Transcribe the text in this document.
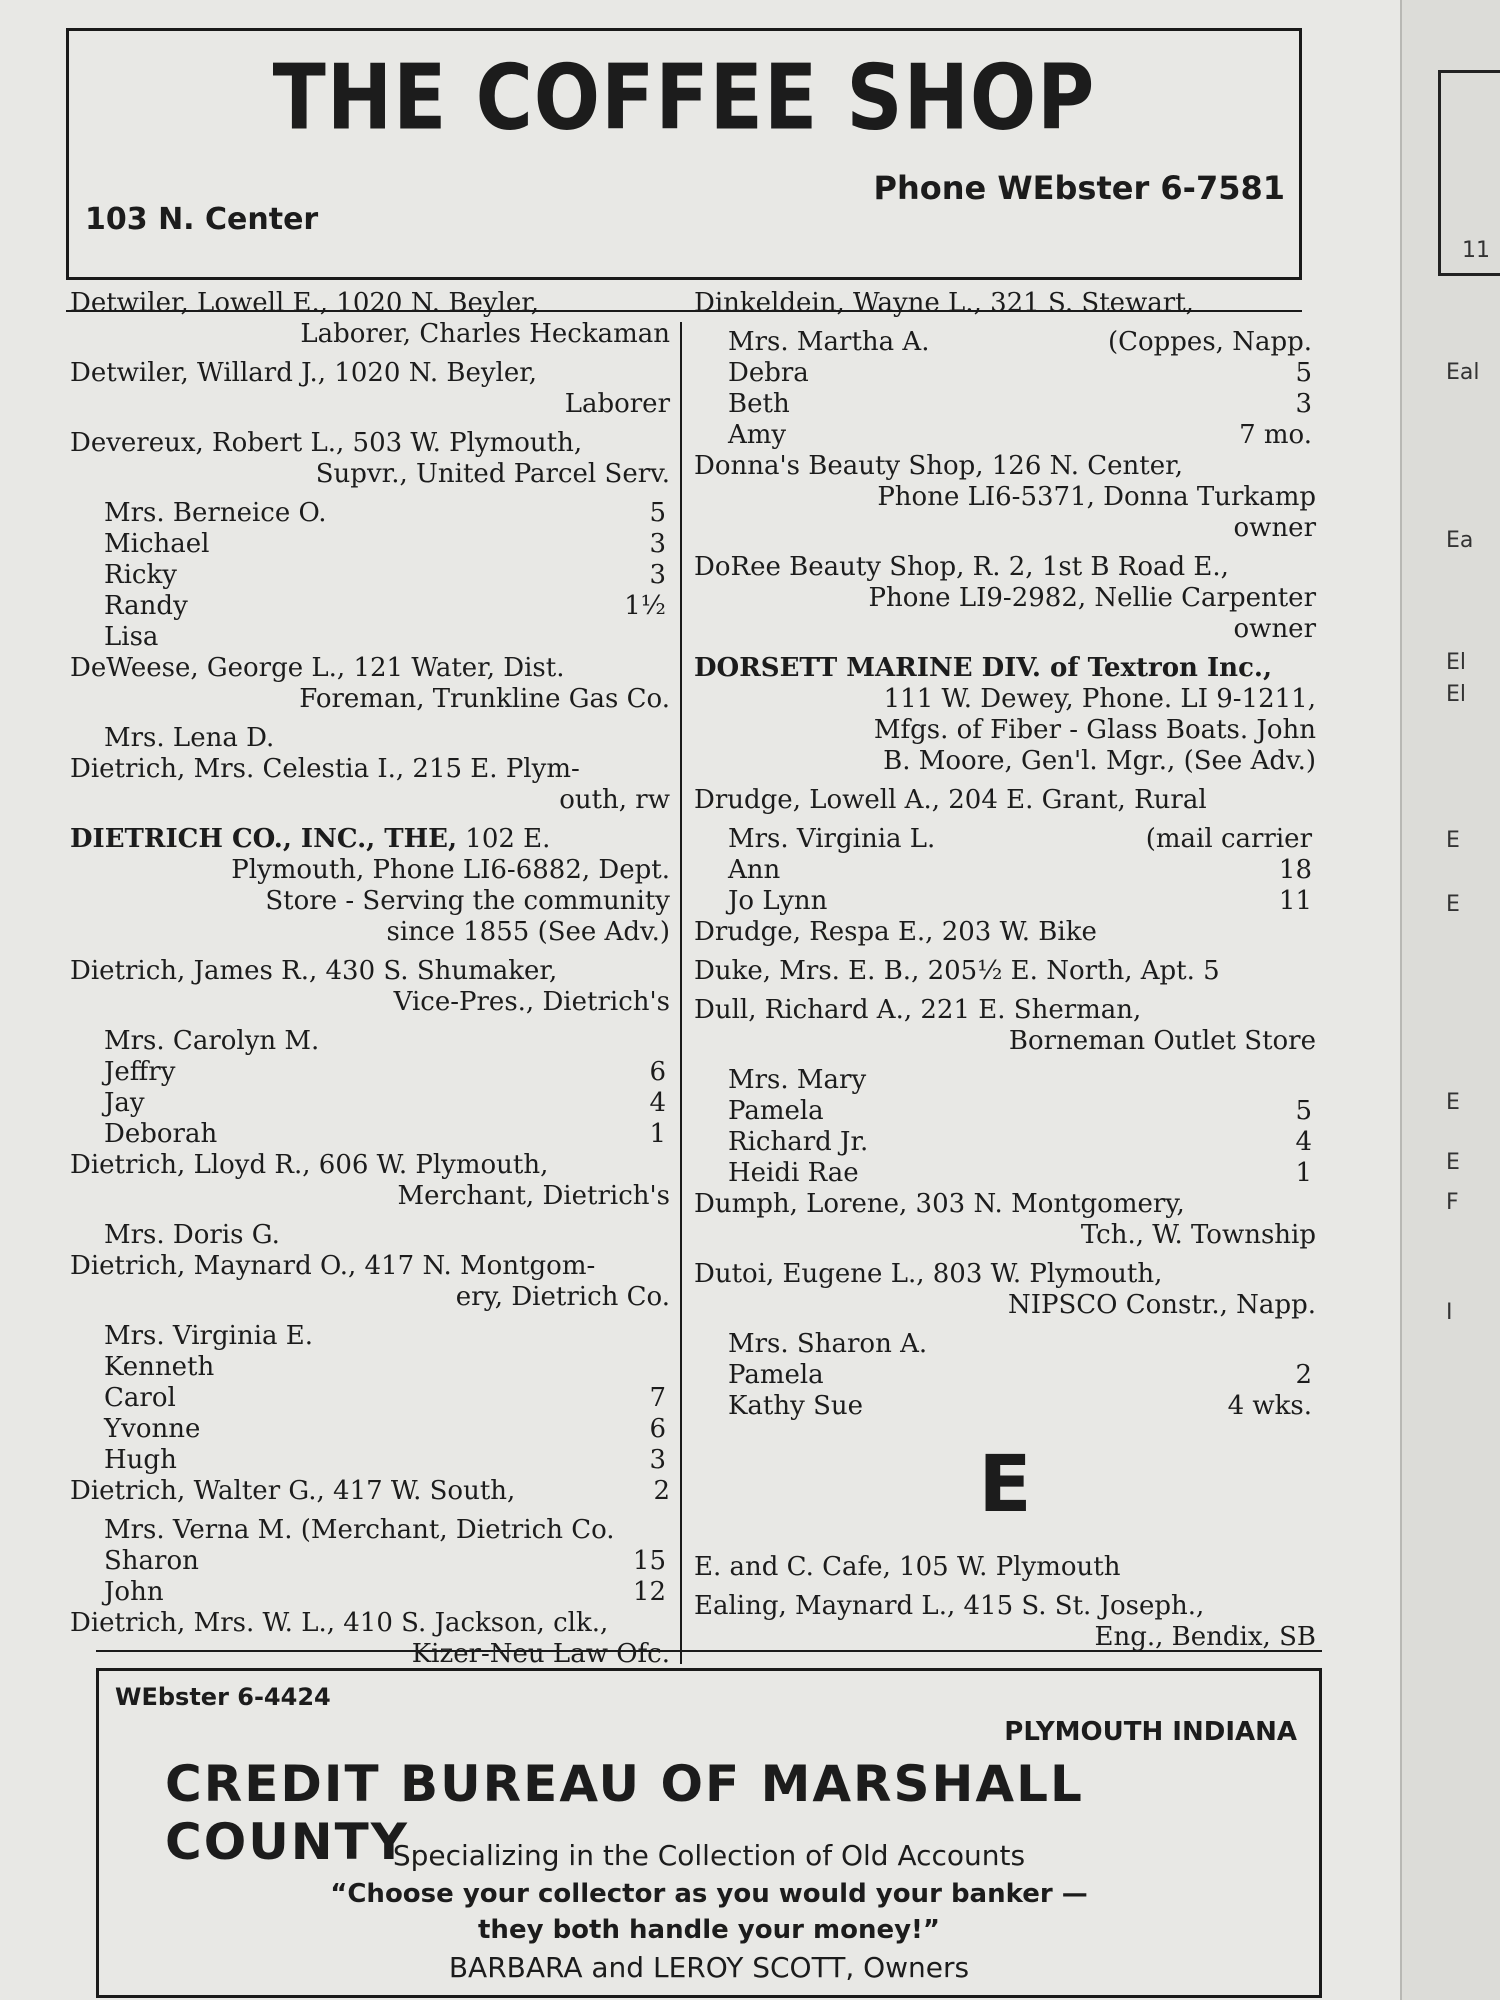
THE COFFEE SHOP
103 N. Center
Phone WEbster 6-7581
Detwiler, Lowell E., 1020 N. Beyler,
Laborer, Charles Heckaman
Detwiler, Willard J., 1020 N. Beyler,
Laborer
Devereux, Robert L., 503 W. Plymouth,
Supvr., United Parcel Serv.
Mrs. Berneice O.	5
Michael	3
Ricky	3
Randy	1½
Lisa
DeWeese, George L., 121 Water, Dist.
Foreman, Trunkline Gas Co.
Mrs. Lena D.
Dietrich, Mrs. Celestia I., 215 E. Plym-
outh, rw
DIETRICH CO., INC., THE, 102 E.
Plymouth, Phone LI6-6882, Dept.
Store - Serving the community
since 1855 (See Adv.)
Dietrich, James R., 430 S. Shumaker,
Vice-Pres., Dietrich's
Mrs. Carolyn M.
Jeffry	6
Jay	4
Deborah	1
Dietrich, Lloyd R., 606 W. Plymouth,
Merchant, Dietrich's
Mrs. Doris G.
Dietrich, Maynard O., 417 N. Montgom-
ery, Dietrich Co.
Mrs. Virginia E.
Kenneth
Carol	7
Yvonne	6
Hugh	3
Dietrich, Walter G., 417 W. South,	2
Mrs. Verna M. (Merchant, Dietrich Co.
Sharon	15
John	12
Dietrich, Mrs. W. L., 410 S. Jackson, clk.,
Kizer-Neu Law Ofc.
Dinkeldein, Wayne L., 321 S. Stewart,
Mrs. Martha A.	(Coppes, Napp.
Debra	5
Beth	3
Amy	7 mo.
Donna's Beauty Shop, 126 N. Center,
Phone LI6-5371, Donna Turkamp
owner
DoRee Beauty Shop, R. 2, 1st B Road E.,
Phone LI9-2982, Nellie Carpenter
owner
DORSETT MARINE DIV. of Textron Inc.,
111 W. Dewey, Phone. LI 9-1211,
Mfgs. of Fiber - Glass Boats. John
B. Moore, Gen'l. Mgr., (See Adv.)
Drudge, Lowell A., 204 E. Grant, Rural
Mrs. Virginia L.	(mail carrier
Ann	18
Jo Lynn	11
Drudge, Respa E., 203 W. Bike
Duke, Mrs. E. B., 205½ E. North, Apt. 5
Dull, Richard A., 221 E. Sherman,
Borneman Outlet Store
Mrs. Mary
Pamela	5
Richard Jr.	4
Heidi Rae	1
Dumph, Lorene, 303 N. Montgomery,
Tch., W. Township
Dutoi, Eugene L., 803 W. Plymouth,
NIPSCO Constr., Napp.
Mrs. Sharon A.
Pamela	2
Kathy Sue	4 wks.
E
E. and C. Cafe, 105 W. Plymouth
Ealing, Maynard L., 415 S. St. Joseph.,
Eng., Bendix, SB
WEbster 6-4424
PLYMOUTH INDIANA
CREDIT BUREAU OF MARSHALL COUNTY
Specializing in the Collection of Old Accounts
“Choose your collector as you would your banker —
they both handle your money!”
BARBARA and LEROY SCOTT, Owners
11
Eal
Ea
El
El
E
E
E
E
F
I
